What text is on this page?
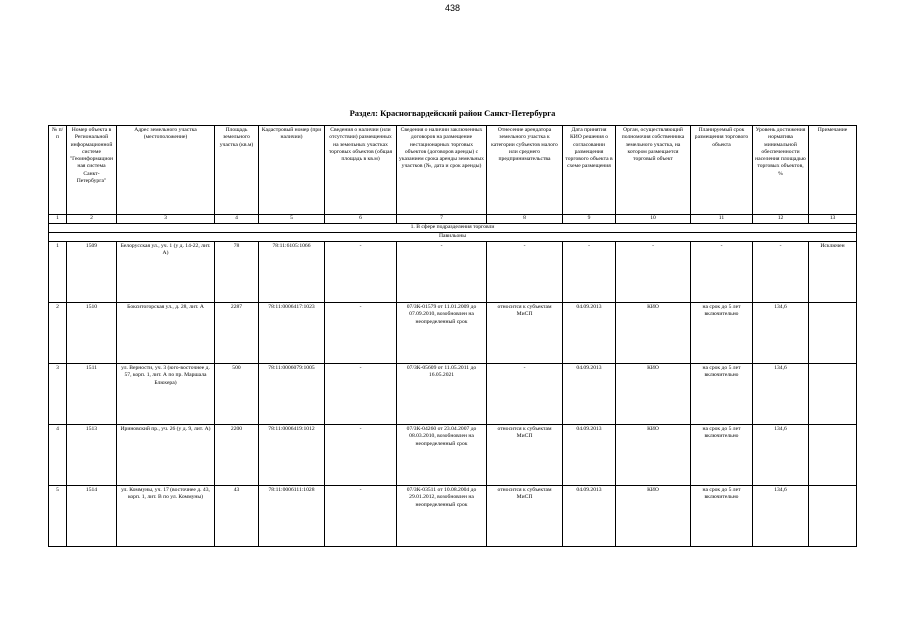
438
Раздел: Красногвардейский район Санкт-Петербурга
№ п/п	Номер объекта в Региональной информационной системе "Геоинформационная система Санкт-Петербурга"	Адрес земельного участка (местоположение)	Площадь земельного участка (кв.м)	Кадастровый номер (при наличии)	Сведения о наличии (или отсутствии) размещенных на земельных участках торговых объектов (общая площадь в кв.м)	Сведения о наличии заключенных договоров на размещение нестационарных торговых объектов (договоров аренды) с указанием срока аренды земельных участков (№, дата и срок аренды)	Отнесение арендатора земельного участка к категории субъектов малого или среднего предпринимательства	Дата принятия КИО решения о согласовании размещения торгового объекта в схеме размещения	Орган, осуществляющий полномочия собственника земельного участка, на котором размещается торговый объект	Планируемый срок размещения торгового объекта	Уровень достижения норматива минимальной обеспеченности населения площадью торговых объектов, %	Примечание
1	2	3	4	5	6	7	8	9	10	11	12	13
1. В сфере подразделения торговли												
Павильоны												
1	1509	Белорусская ул., уч. 1 (у д. 14-22, лит. А)	78	78:11:6105:1066	-	-	-	-	-	-	-	Исключен
2	1510	Бокситогорская ул., д. 28, лит. А	2287	78:11:0006417:1023	-	07/ЗК-01579 от 11.01.2009 до 07.09.2010, возобновлен на неопределенный срок	относится к субъектам МиСП	04.09.2013	КИО	на срок до 5 лет включительно	134,6	
3	1511	ул. Верности, уч. 3 (юго-восточнее д. 57, корп. 1, лит. А по пр. Маршала Блюхера)	500	78:11:0006079:1005	-	07/ЗК-05609 от 11.05.2011 до 16.05.2021	-	04.09.2013	КИО	на срок до 5 лет включительно	134,6	
4	1513	Ириновский пр., уч. 26 (у д. 9, лит. А)	2200	78:11:0006419:1012	-	07/ЗК-04260 от 23.04.2007 до 08.03.2010, возобновлен на неопределенный срок	относится к субъектам МиСП	04.09.2013	КИО	на срок до 5 лет включительно	134,6	
5	1514	ул. Коммуны, уч. 17 (восточнее д. 43, корп. 1, лит. В по ул. Коммуны)	43	78:11:0006111:1028	-	07/ЗК-03511 от 10.08.2004 до 29.01.2012, возобновлен на неопределенный срок	относится к субъектам МиСП	04.09.2013	КИО	на срок до 5 лет включительно	134,6	
